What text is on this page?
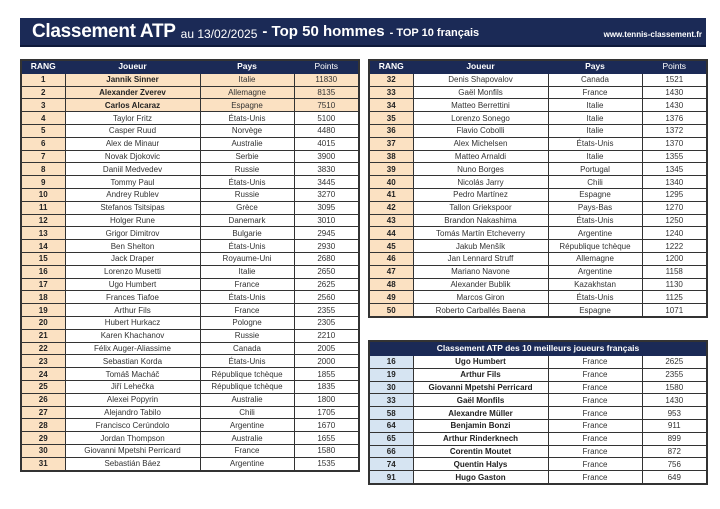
Classement ATP au 13/02/2025 - Top 50 hommes - TOP 10 français	www.tennis-classement.fr
RANG	Joueur	Pays	Points
1	Jannik Sinner	Italie	11830
2	Alexander Zverev	Allemagne	8135
3	Carlos Alcaraz	Espagne	7510
4	Taylor Fritz	États-Unis	5100
5	Casper Ruud	Norvège	4480
6	Alex de Minaur	Australie	4015
7	Novak Djokovic	Serbie	3900
8	Daniil Medvedev	Russie	3830
9	Tommy Paul	États-Unis	3445
10	Andrey Rublev	Russie	3270
11	Stefanos Tsitsipas	Grèce	3095
12	Holger Rune	Danemark	3010
13	Grigor Dimitrov	Bulgarie	2945
14	Ben Shelton	États-Unis	2930
15	Jack Draper	Royaume-Uni	2680
16	Lorenzo Musetti	Italie	2650
17	Ugo Humbert	France	2625
18	Frances Tiafoe	États-Unis	2560
19	Arthur Fils	France	2355
20	Hubert Hurkacz	Pologne	2305
21	Karen Khachanov	Russie	2210
22	Félix Auger-Aliassime	Canada	2005
23	Sebastian Korda	États-Unis	2000
24	Tomáš Macháč	République tchèque	1855
25	Jiří Lehečka	République tchèque	1835
26	Alexei Popyrin	Australie	1800
27	Alejandro Tabilo	Chili	1705
28	Francisco Cerúndolo	Argentine	1670
29	Jordan Thompson	Australie	1655
30	Giovanni Mpetshi Perricard	France	1580
31	Sebastián Báez	Argentine	1535
RANG	Joueur	Pays	Points
32	Denis Shapovalov	Canada	1521
33	Gaël Monfils	France	1430
34	Matteo Berrettini	Italie	1430
35	Lorenzo Sonego	Italie	1376
36	Flavio Cobolli	Italie	1372
37	Alex Michelsen	États-Unis	1370
38	Matteo Arnaldi	Italie	1355
39	Nuno Borges	Portugal	1345
40	Nicolás Jarry	Chili	1340
41	Pedro Martínez	Espagne	1295
42	Tallon Griekspoor	Pays-Bas	1270
43	Brandon Nakashima	États-Unis	1250
44	Tomás Martín Etcheverry	Argentine	1240
45	Jakub Menšík	République tchèque	1222
46	Jan Lennard Struff	Allemagne	1200
47	Mariano Navone	Argentine	1158
48	Alexander Bublik	Kazakhstan	1130
49	Marcos Giron	États-Unis	1125
50	Roberto Carballés Baena	Espagne	1071
Classement ATP des 10 meilleurs joueurs français			
16	Ugo Humbert	France	2625
19	Arthur Fils	France	2355
30	Giovanni Mpetshi Perricard	France	1580
33	Gaël Monfils	France	1430
58	Alexandre Müller	France	953
64	Benjamin Bonzi	France	911
65	Arthur Rinderknech	France	899
66	Corentin Moutet	France	872
74	Quentin Halys	France	756
91	Hugo Gaston	France	649
